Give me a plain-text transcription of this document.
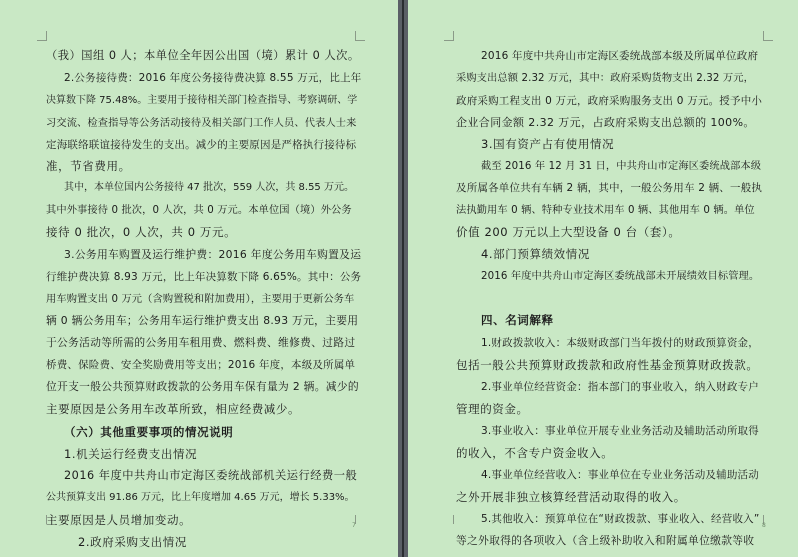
（我）国组 0 人；本单位全年因公出国（境）累计 0 人次。
2.公务接待费：2016 年度公务接待费决算 8.55 万元，比上年
决算数下降 75.48%。主要用于接待相关部门检查指导、考察调研、学
习交流、检查指导等公务活动接待及相关部门工作人员、代表人士来
定海联络联谊接待发生的支出。减少的主要原因是严格执行接待标
准，节省费用。
其中，本单位国内公务接待 47 批次，559 人次，共 8.55 万元。
其中外事接待 0 批次，0 人次，共 0 万元。本单位国（境）外公务
接待 0 批次，0 人次，共 0 万元。
3.公务用车购置及运行维护费：2016 年度公务用车购置及运
行维护费决算 8.93 万元，比上年决算数下降 6.65%。其中：公务
用车购置支出 0 万元（含购置税和附加费用），主要用于更新公务车
辆 0 辆公务用车；公务用车运行维护费支出 8.93 万元，主要用
于公务活动等所需的公务用车租用费、燃料费、维修费、过路过
桥费、保险费、安全奖励费用等支出；2016 年度，本级及所属单
位开支一般公共预算财政拨款的公务用车保有量为 2 辆。减少的
主要原因是公务用车改革所致，相应经费减少。
（六）其他重要事项的情况说明
1.机关运行经费支出情况
2016 年度中共舟山市定海区委统战部机关运行经费一般
公共预算支出 91.86 万元，比上年度增加 4.65 万元，增长 5.33%。
主要原因是人员增加变动。
2.政府采购支出情况
7
2016 年度中共舟山市定海区委统战部本级及所属单位政府
采购支出总额 2.32 万元，其中：政府采购货物支出 2.32 万元，
政府采购工程支出 0 万元，政府采购服务支出 0 万元。授予中小
企业合同金额 2.32 万元，占政府采购支出总额的 100%。
3.国有资产占有使用情况
截至 2016 年 12 月 31 日，中共舟山市定海区委统战部本级
及所属各单位共有车辆 2 辆，其中，一般公务用车 2 辆、一般执
法执勤用车 0 辆、特种专业技术用车 0 辆、其他用车 0 辆。单位
价值 200 万元以上大型设备 0 台（套）。
4.部门预算绩效情况
2016 年度中共舟山市定海区委统战部未开展绩效目标管理。
四、名词解释
1.财政拨款收入：本级财政部门当年拨付的财政预算资金，
包括一般公共预算财政拨款和政府性基金预算财政拨款。
2.事业单位经营资金：指本部门的事业收入，纳入财政专户
管理的资金。
3.事业收入：事业单位开展专业业务活动及辅助活动所取得
的收入，不含专户资金收入。
4.事业单位经营收入：事业单位在专业业务活动及辅助活动
之外开展非独立核算经营活动取得的收入。
5.其他收入：预算单位在“财政拨款、事业收入、经营收入”
等之外取得的各项收入（含上级补助收入和附属单位缴款等收
8
